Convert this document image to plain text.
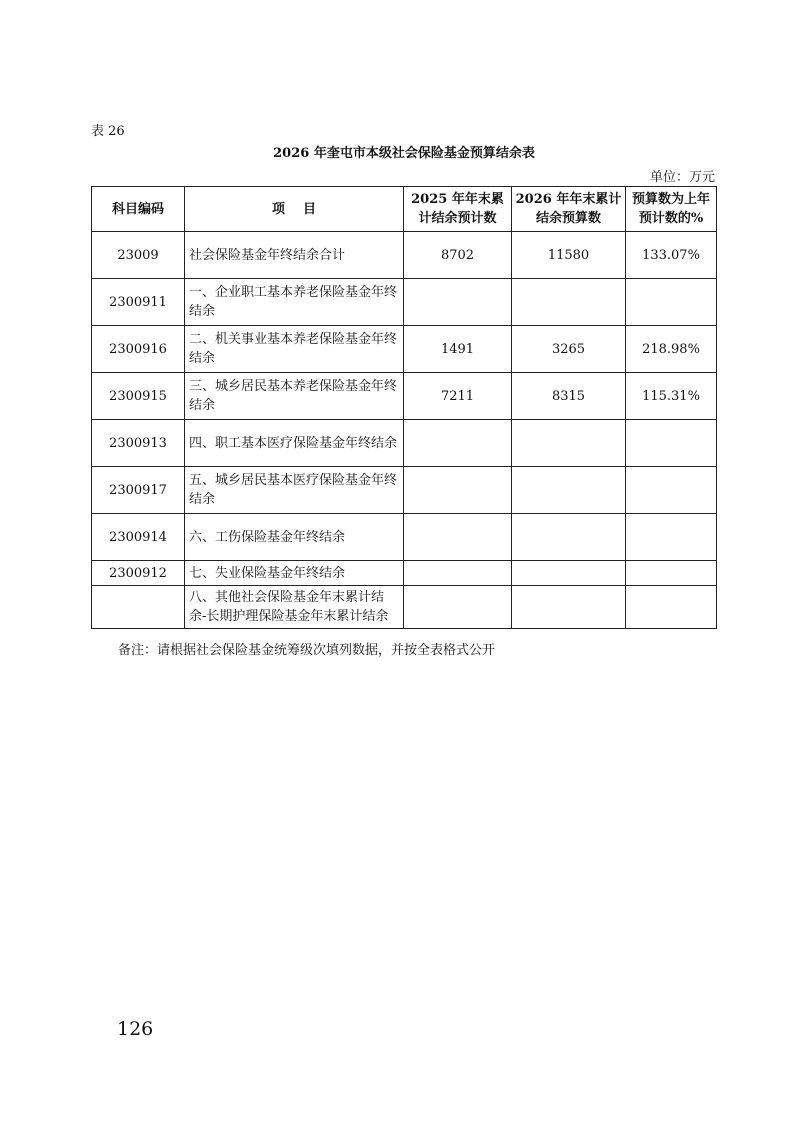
表 26
2026 年奎屯市本级社会保险基金预算结余表
单位：万元
科目编码	项    目	2025 年年末累计结余预计数	2026 年年末累计结余预算数	预算数为上年预计数的%
23009	社会保险基金年终结余合计	8702	11580	133.07%
2300911	一、企业职工基本养老保险基金年终结余			
2300916	二、机关事业基本养老保险基金年终结余	1491	3265	218.98%
2300915	三、城乡居民基本养老保险基金年终结余	7211	8315	115.31%
2300913	四、职工基本医疗保险基金年终结余			
2300917	五、城乡居民基本医疗保险基金年终结余			
2300914	六、工伤保险基金年终结余			
2300912	七、失业保险基金年终结余			
	八、其他社会保险基金年末累计结余-长期护理保险基金年末累计结余			
备注：请根据社会保险基金统筹级次填列数据，并按全表格式公开
126
